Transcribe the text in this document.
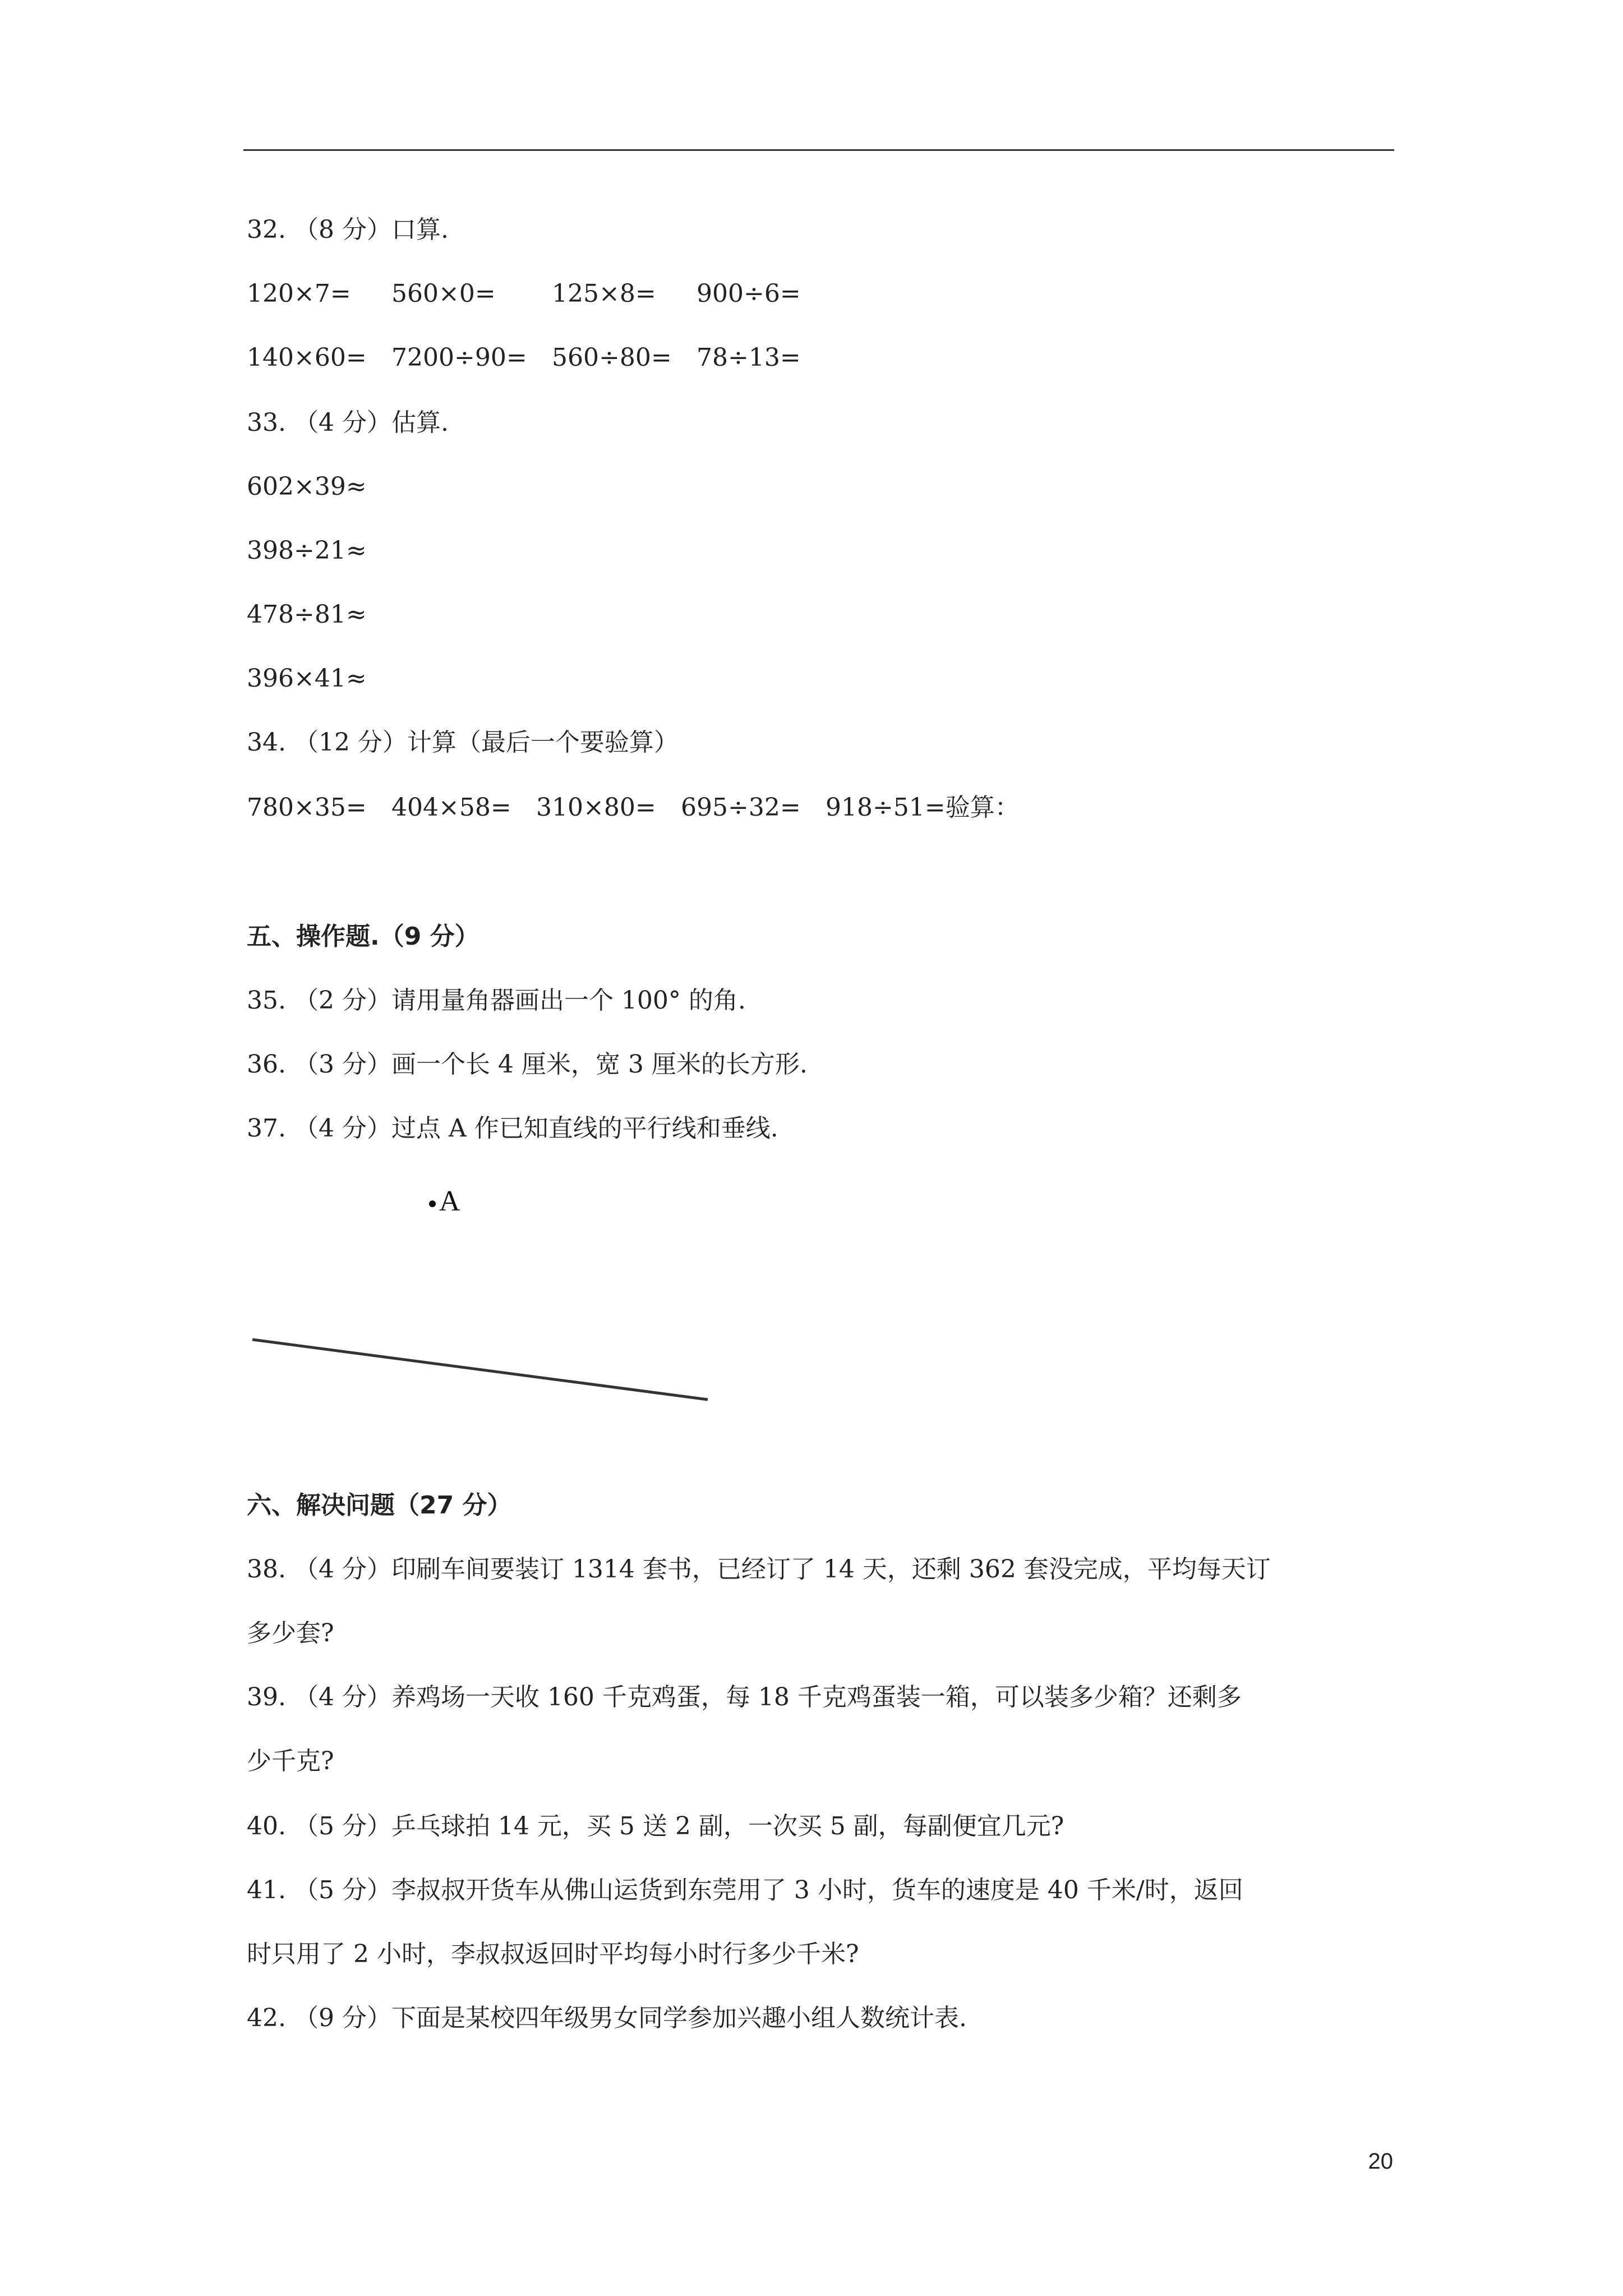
32. （8 分）口算.
120×7= 560×0= 125×8= 900÷6=
140×60= 7200÷90= 560÷80= 78÷13=
33. （4 分）估算.
602×39≈
398÷21≈
478÷81≈
396×41≈
34. （12 分）计算（最后一个要验算）
780×35= 404×58= 310×80= 695÷32= 918÷51=验算：
五、操作题.（9 分）
35. （2 分）请用量角器画出一个 100° 的角.
36. （3 分）画一个长 4 厘米，宽 3 厘米的长方形.
37. （4 分）过点 A 作已知直线的平行线和垂线.
A
六、解决问题（27 分）
38. （4 分）印刷车间要装订 1314 套书，已经订了 14 天，还剩 362 套没完成，平均每天订
多少套?
39. （4 分）养鸡场一天收 160 千克鸡蛋，每 18 千克鸡蛋装一箱，可以装多少箱？还剩多
少千克?
40. （5 分）乒乓球拍 14 元，买 5 送 2 副，一次买 5 副，每副便宜几元?
41. （5 分）李叔叔开货车从佛山运货到东莞用了 3 小时，货车的速度是 40 千米/时，返回
时只用了 2 小时，李叔叔返回时平均每小时行多少千米?
42. （9 分）下面是某校四年级男女同学参加兴趣小组人数统计表.
20
